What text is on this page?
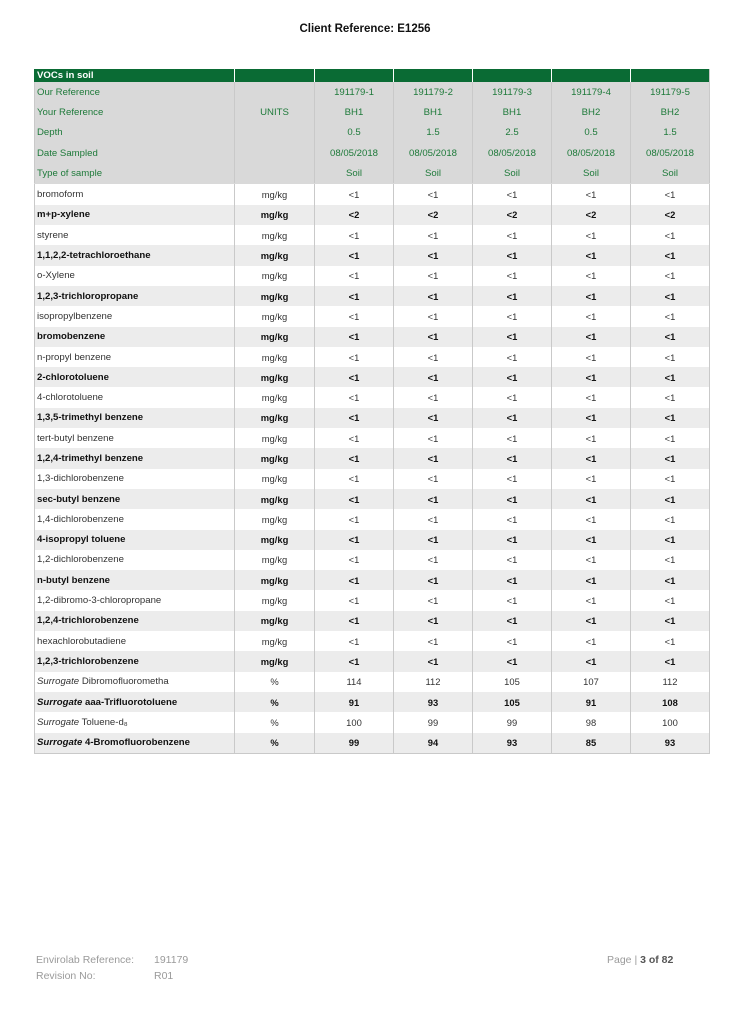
Client Reference: E1256
VOCs in soil						
Our Reference		191179-1	191179-2	191179-3	191179-4	191179-5
Your Reference	UNITS	BH1	BH1	BH1	BH2	BH2
Depth		0.5	1.5	2.5	0.5	1.5
Date Sampled		08/05/2018	08/05/2018	08/05/2018	08/05/2018	08/05/2018
Type of sample		Soil	Soil	Soil	Soil	Soil
bromoform	mg/kg	<1	<1	<1	<1	<1
m+p-xylene	mg/kg	<2	<2	<2	<2	<2
styrene	mg/kg	<1	<1	<1	<1	<1
1,1,2,2-tetrachloroethane	mg/kg	<1	<1	<1	<1	<1
o-Xylene	mg/kg	<1	<1	<1	<1	<1
1,2,3-trichloropropane	mg/kg	<1	<1	<1	<1	<1
isopropylbenzene	mg/kg	<1	<1	<1	<1	<1
bromobenzene	mg/kg	<1	<1	<1	<1	<1
n-propyl benzene	mg/kg	<1	<1	<1	<1	<1
2-chlorotoluene	mg/kg	<1	<1	<1	<1	<1
4-chlorotoluene	mg/kg	<1	<1	<1	<1	<1
1,3,5-trimethyl benzene	mg/kg	<1	<1	<1	<1	<1
tert-butyl benzene	mg/kg	<1	<1	<1	<1	<1
1,2,4-trimethyl benzene	mg/kg	<1	<1	<1	<1	<1
1,3-dichlorobenzene	mg/kg	<1	<1	<1	<1	<1
sec-butyl benzene	mg/kg	<1	<1	<1	<1	<1
1,4-dichlorobenzene	mg/kg	<1	<1	<1	<1	<1
4-isopropyl toluene	mg/kg	<1	<1	<1	<1	<1
1,2-dichlorobenzene	mg/kg	<1	<1	<1	<1	<1
n-butyl benzene	mg/kg	<1	<1	<1	<1	<1
1,2-dibromo-3-chloropropane	mg/kg	<1	<1	<1	<1	<1
1,2,4-trichlorobenzene	mg/kg	<1	<1	<1	<1	<1
hexachlorobutadiene	mg/kg	<1	<1	<1	<1	<1
1,2,3-trichlorobenzene	mg/kg	<1	<1	<1	<1	<1
Surrogate Dibromofluorometha	%	114	112	105	107	112
Surrogate aaa-Trifluorotoluene	%	91	93	105	91	108
Surrogate Toluene-d₈	%	100	99	99	98	100
Surrogate 4-Bromofluorobenzene	%	99	94	93	85	93
Envirolab Reference: 191179
Revision No:	R01
Page | 3 of 82
